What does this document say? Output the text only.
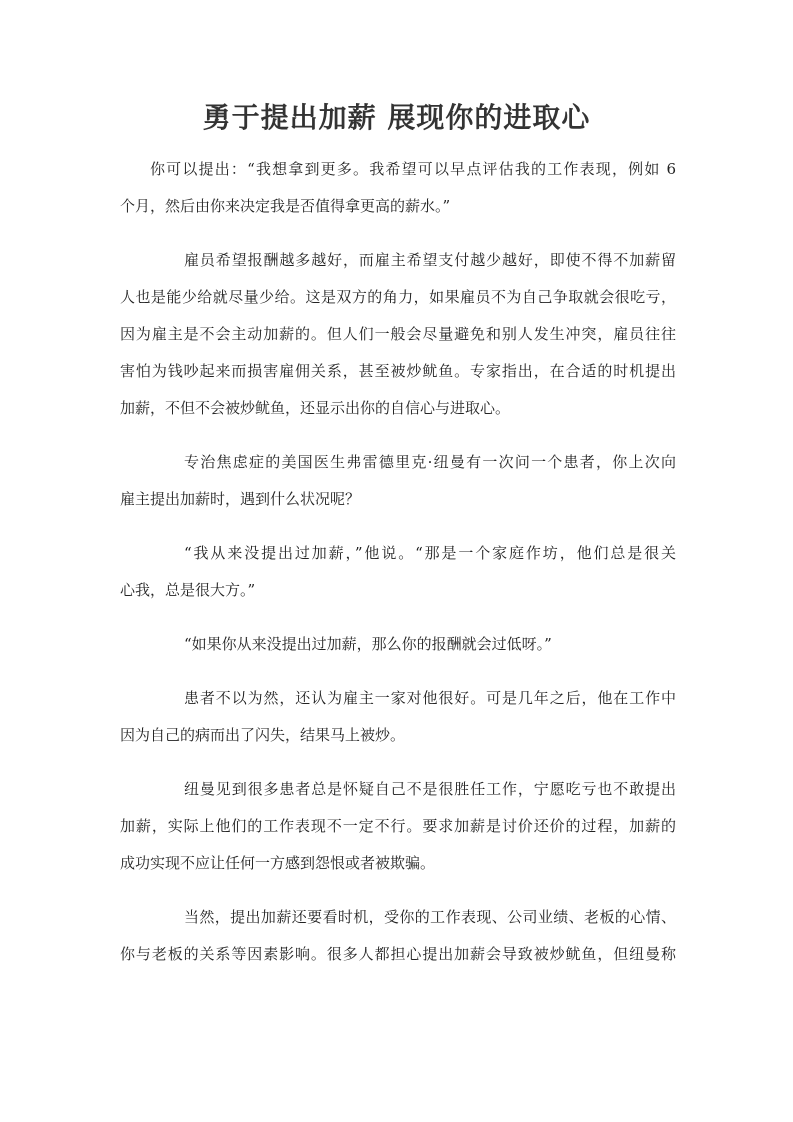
勇于提出加薪 展现你的进取心
你可以提出：“我想拿到更多。我希望可以早点评估我的工作表现，例如 6
个月，然后由你来决定我是否值得拿更高的薪水。”
雇员希望报酬越多越好，而雇主希望支付越少越好，即使不得不加薪留
人也是能少给就尽量少给。这是双方的角力，如果雇员不为自己争取就会很吃亏，
因为雇主是不会主动加薪的。但人们一般会尽量避免和别人发生冲突，雇员往往
害怕为钱吵起来而损害雇佣关系，甚至被炒鱿鱼。专家指出，在合适的时机提出
加薪，不但不会被炒鱿鱼，还显示出你的自信心与进取心。
专治焦虑症的美国医生弗雷德里克·纽曼有一次问一个患者，你上次向
雇主提出加薪时，遇到什么状况呢？
“我从来没提出过加薪，”他说。“那是一个家庭作坊，他们总是很关
心我，总是很大方。”
“如果你从来没提出过加薪，那么你的报酬就会过低呀。”
患者不以为然，还认为雇主一家对他很好。可是几年之后，他在工作中
因为自己的病而出了闪失，结果马上被炒。
纽曼见到很多患者总是怀疑自己不是很胜任工作，宁愿吃亏也不敢提出
加薪，实际上他们的工作表现不一定不行。要求加薪是讨价还价的过程，加薪的
成功实现不应让任何一方感到怨恨或者被欺骗。
当然，提出加薪还要看时机，受你的工作表现、公司业绩、老板的心情、
你与老板的关系等因素影响。很多人都担心提出加薪会导致被炒鱿鱼，但纽曼称
